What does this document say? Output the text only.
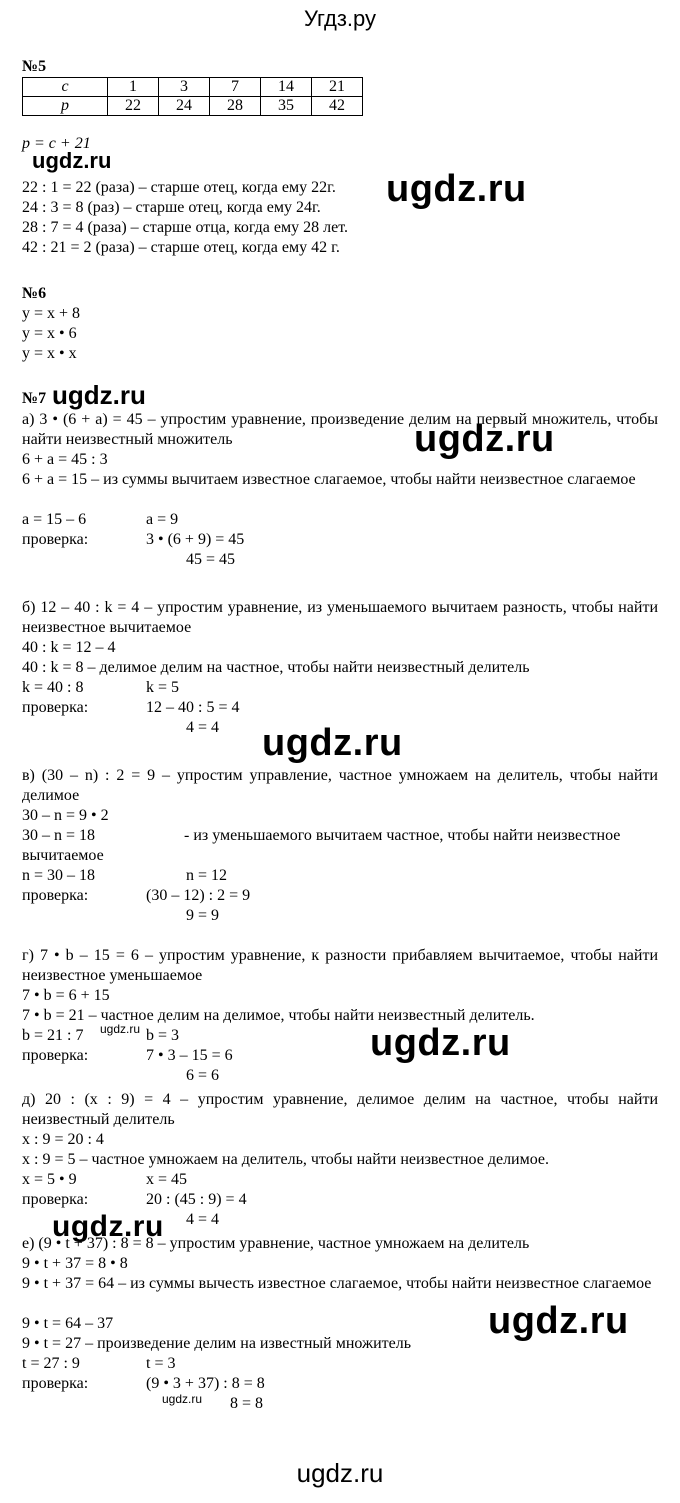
Угдз.ру
№5
c	1	3	7	14	21
p	22	24	28	35	42
p = c + 21
22 : 1 = 22 (раза) – старше отец, когда ему 22г.
24 : 3 = 8 (раз) – старше отец, когда ему 24г.
28 : 7 = 4 (раза) – старше отца, когда ему 28 лет.
42 : 21 = 2 (раза) – старше отец, когда ему 42 г.
№6
y = x + 8
y = x • 6
y = x • x
№7
а) 3 • (6 + a) = 45 – упростим уравнение, произведение делим на первый множитель, чтобы найти неизвестный множитель
6 + a = 45 : 3
6 + a = 15 – из суммы вычитаем известное слагаемое, чтобы найти неизвестное слагаемое
a = 15 – 6	a = 9
проверка:	3 • (6 + 9) = 45
45 = 45
б) 12 – 40 : k = 4 – упростим уравнение, из уменьшаемого вычитаем разность, чтобы найти неизвестное вычитаемое
40 : k = 12 – 4
40 : k = 8 – делимое делим на частное, чтобы найти неизвестный делитель
k = 40 : 8	k = 5
проверка:	12 – 40 : 5 = 4
4 = 4
в) (30 – n) : 2 = 9 – упростим управление, частное умножаем на делитель, чтобы найти делимое
30 – n = 9 • 2
30 – n = 18	- из уменьшаемого вычитаем частное, чтобы найти неизвестное
вычитаемое
n = 30 – 18	n = 12
проверка:	(30 – 12) : 2 = 9
9 = 9
г) 7 • b – 15 = 6 – упростим уравнение, к разности прибавляем вычитаемое, чтобы найти неизвестное уменьшаемое
7 • b = 6 + 15
7 • b = 21 – частное делим на делимое, чтобы найти неизвестный делитель.
b = 21 : 7	b = 3
проверка:	7 • 3 – 15 = 6
6 = 6
д) 20 : (x : 9) = 4 – упростим уравнение, делимое делим на частное, чтобы найти неизвестный делитель
x : 9 = 20 : 4
x : 9 = 5 – частное умножаем на делитель, чтобы найти неизвестное делимое.
x = 5 • 9	x = 45
проверка:	20 : (45 : 9) = 4
4 = 4
е) (9 • t + 37) : 8 = 8 – упростим уравнение, частное умножаем на делитель
9 • t + 37 = 8 • 8
9 • t + 37 = 64 – из суммы вычесть известное слагаемое, чтобы найти неизвестное слагаемое
9 • t = 64 – 37
9 • t = 27 – произведение делим на известный множитель
t = 27 : 9	t = 3
проверка:	(9 • 3 + 37) : 8 = 8
8 = 8
ugdz.ru
ugdz.ru
ugdz.ru
ugdz.ru
ugdz.ru
ugdz.ru	ugdz.ru
ugdz.ru
ugdz.ru
ugdz.ru
ugdz.ru
